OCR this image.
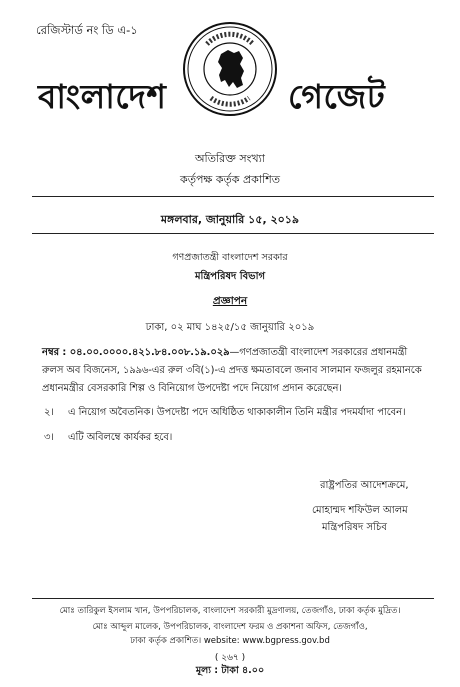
রেজিস্টার্ড নং ডি এ-১
বাংলাদেশ	গেজেট
অতিরিক্ত সংখ্যা
কর্তৃপক্ষ কর্তৃক প্রকাশিত
মঙ্গলবার, জানুয়ারি ১৫, ২০১৯
গণপ্রজাতন্ত্রী বাংলাদেশ সরকার
মন্ত্রিপরিষদ বিভাগ
প্রজ্ঞাপন
ঢাকা, ০২ মাঘ ১৪২৫/১৫ জানুয়ারি ২০১৯
নম্বর : ০৪.০০.০০০০.৪২১.৮৪.০০৮.১৯.০২৯—গণপ্রজাতন্ত্রী বাংলাদেশ সরকারের প্রধানমন্ত্রী রুলস অব বিজনেস, ১৯৯৬-এর রুল ৩বি(১)-এ প্রদত্ত ক্ষমতাবলে জনাব সালমান ফজলুর রহমানকে প্রধানমন্ত্রীর বেসরকারি শিল্প ও বিনিয়োগ উপদেষ্টা পদে নিয়োগ প্রদান করেছেন।
২। এ নিয়োগ অবৈতনিক। উপদেষ্টা পদে অধিষ্ঠিত থাকাকালীন তিনি মন্ত্রীর পদমর্যাদা পাবেন।
৩। এটি অবিলম্বে কার্যকর হবে।
রাষ্ট্রপতির আদেশক্রমে,
মোহাম্মদ শফিউল আলম
মন্ত্রিপরিষদ সচিব
মোঃ তারিকুল ইসলাম খান, উপপরিচালক, বাংলাদেশ সরকারী মুদ্রণালয়, তেজগাঁও, ঢাকা কর্তৃক মুদ্রিত।
মোঃ আব্দুল মালেক, উপপরিচালক, বাংলাদেশ ফরম ও প্রকাশনা অফিস, তেজগাঁও,
ঢাকা কর্তৃক প্রকাশিত। website: www.bgpress.gov.bd
( ২৬৭ )
মূল্য : টাকা ৪.০০
